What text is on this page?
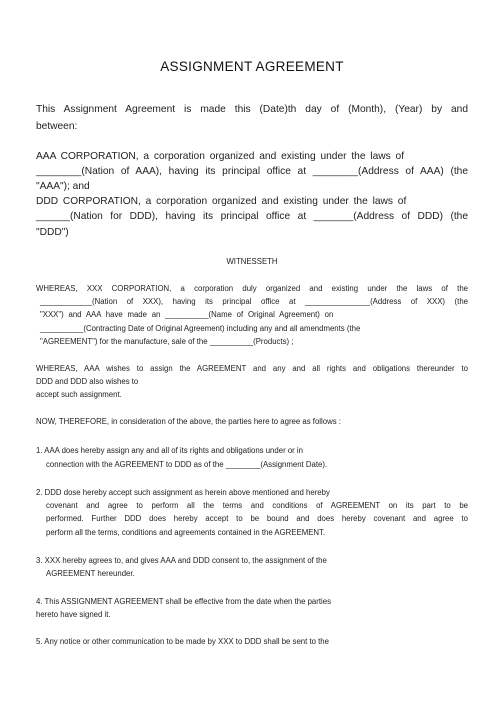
ASSIGNMENT AGREEMENT
This Assignment Agreement is made this (Date)th day of (Month), (Year) by and
between:
AAA CORPORATION, a corporation organized and existing under the laws of
________(Nation of AAA), having its principal office at ________(Address of AAA) (the
"AAA"); and
DDD CORPORATION, a corporation organized and existing under the laws of
______(Nation for DDD), having its principal office at _______(Address of DDD) (the
"DDD")
WITNESSETH
WHEREAS, XXX CORPORATION, a corporation duly organized and existing under the laws of the
____________(Nation of XXX), having its principal office at _______________(Address of XXX) (the
"XXX") and AAA have made an __________(Name of Original Agreement) on
__________(Contracting Date of Original Agreement) including any and all amendments (the
"AGREEMENT") for the manufacture, sale of the __________(Products) ;
WHEREAS, AAA wishes to assign the AGREEMENT and any and all rights and obligations thereunder to
DDD and DDD also wishes to
accept such assignment.
NOW, THEREFORE, in consideration of the above, the parties here to agree as follows :
1. AAA does hereby assign any and all of its rights and obligations under or in
connection with the AGREEMENT to DDD as of the ________(Assignment Date).
2. DDD dose hereby accept such assignment as herein above mentioned and hereby
covenant and agree to perform all the terms and conditions of AGREEMENT on its part to be
performed. Further DDD does hereby accept to be bound and does hereby covenant and agree to
perform all the terms, conditions and agreements contained in the AGREEMENT.
3. XXX hereby agrees to, and gives AAA and DDD consent to, the assignment of the
AGREEMENT hereunder.
4. This ASSIGNMENT AGREEMENT shall be effective from the date when the parties
hereto have signed it.
5. Any notice or other communication to be made by XXX to DDD shall be sent to the
